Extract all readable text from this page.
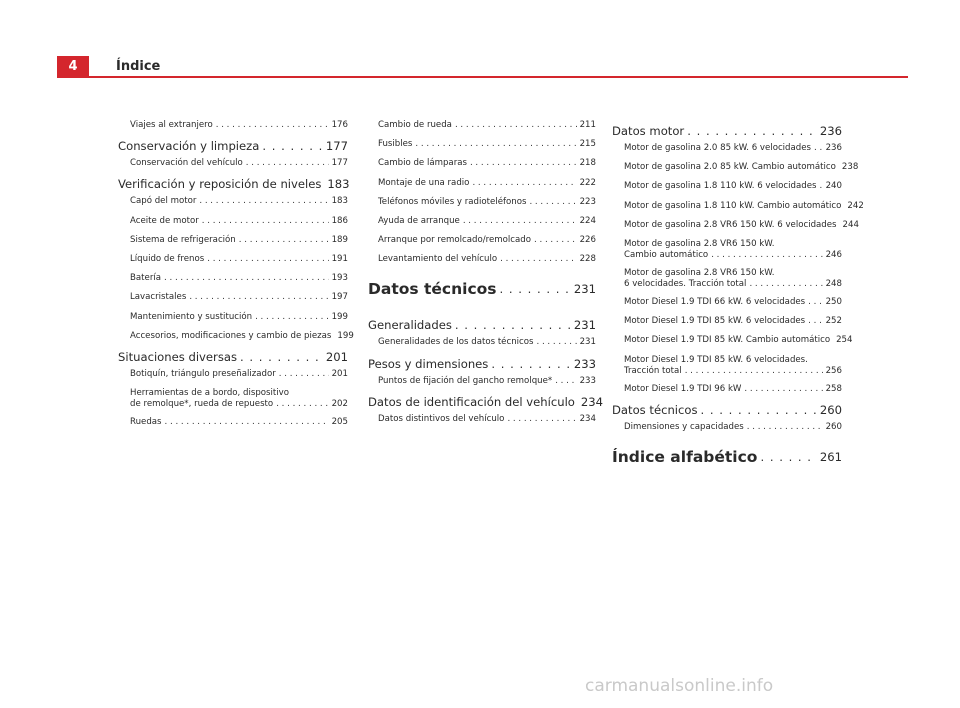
4	Índice
Viajes al extranjero . . .	176
Conservación y limpieza . . .	177
Conservación del vehículo . . .	177
Verificación y reposición de niveles 183
Capó del motor . . .	183
Aceite de motor . . .	186
Sistema de refrigeración . . .	189
Líquido de frenos . . .	191
Batería . . .	193
Lavacristales . . .	197
Mantenimiento y sustitución . . .	199
Accesorios, modificaciones y cambio de piezas 199
Situaciones diversas . . .	201
Botiquín, triángulo preseñalizador . . .	201
Herramientas de a bordo, dispositivo
de remolque*, rueda de repuesto . . .	202
Ruedas . . .	205
Cambio de rueda . . .	211
Fusibles . . .	215
Cambio de lámparas . . .	218
Montaje de una radio . . .	222
Teléfonos móviles y radioteléfonos . . .	223
Ayuda de arranque . . .	224
Arranque por remolcado/remolcado . . .	226
Levantamiento del vehículo . . .	228
Datos técnicos . . .	231
Generalidades . . .	231
Generalidades de los datos técnicos . . .	231
Pesos y dimensiones . . .	233
Puntos de fijación del gancho remolque* . . .	233
Datos de identificación del vehículo 234
Datos distintivos del vehículo . . .	234
Datos motor . . .	236
Motor de gasolina 2.0 85 kW. 6 velocidades . . . 236
Motor de gasolina 2.0 85 kW. Cambio automático 238
Motor de gasolina 1.8 110 kW. 6 velocidades . . . 240
Motor de gasolina 1.8 110 kW. Cambio automático 242
Motor de gasolina 2.8 VR6 150 kW. 6 velocidades 244
Motor de gasolina 2.8 VR6 150 kW.
Cambio automático . . .	246
Motor de gasolina 2.8 VR6 150 kW.
6 velocidades. Tracción total . . .	248
Motor Diesel 1.9 TDI 66 kW. 6 velocidades . . . 250
Motor Diesel 1.9 TDI 85 kW. 6 velocidades . . . 252
Motor Diesel 1.9 TDI 85 kW. Cambio automático 254
Motor Diesel 1.9 TDI 85 kW. 6 velocidades.
Tracción total . . .	256
Motor Diesel 1.9 TDI 96 kW . . .	258
Datos técnicos . . .	260
Dimensiones y capacidades . . .	260
Índice alfabético . . .	261
carmanualsonline.info
